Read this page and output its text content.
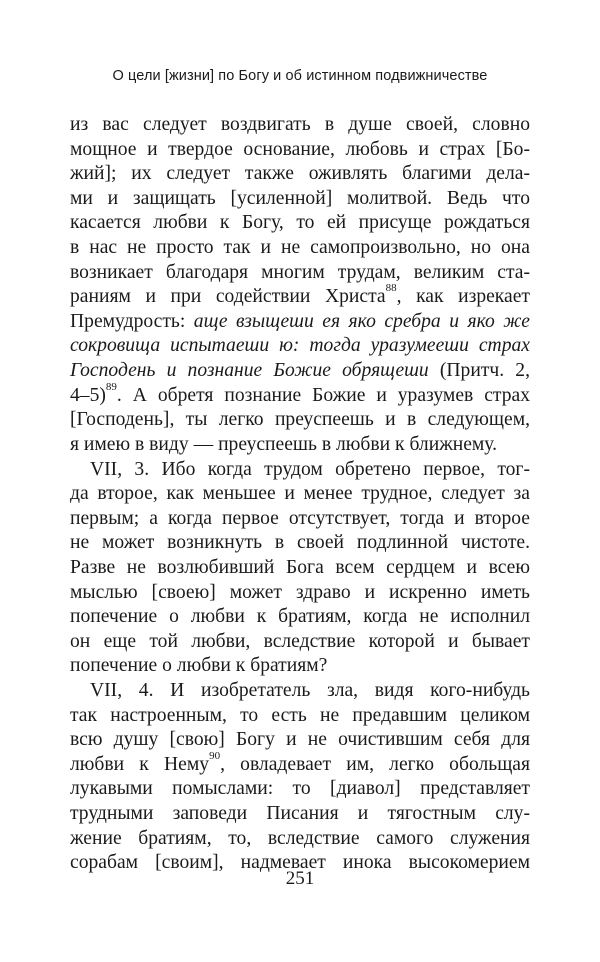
О цели [жизни] по Богу и об истинном подвижничестве
из вас следует воздвигать в душе своей, словно
мощное и твердое основание, любовь и страх [Бо-
жий]; их следует также оживлять благими дела-
ми и защищать [усиленной] молитвой. Ведь что
касается любви к Богу, то ей присуще рождаться
в нас не просто так и не самопроизвольно, но она
возникает благодаря многим трудам, великим ста-
раниям и при содействии Христа$^{88}$, как изрекает
Премудрость: аще взыщеши ея яко сребра и яко же
сокровища испытаеши ю: тогда уразумееши страх
Господень и познание Божие обрящеши (Притч. 2,
4–5)$^{89}$. А обретя познание Божие и уразумев страх
[Господень], ты легко преуспеешь и в следующем,
я имею в виду — преуспеешь в любви к ближнему.
VII, 3. Ибо когда трудом обретено первое, тог-
да второе, как меньшее и менее трудное, следует за
первым; а когда первое отсутствует, тогда и второе
не может возникнуть в своей подлинной чистоте.
Разве не возлюбивший Бога всем сердцем и всею
мыслью [своею] может здраво и искренно иметь
попечение о любви к братиям, когда не исполнил
он еще той любви, вследствие которой и бывает
попечение о любви к братиям?
VII, 4. И изобретатель зла, видя кого-нибудь
так настроенным, то есть не предавшим целиком
всю душу [свою] Богу и не очистившим себя для
любви к Нему$^{90}$, овладевает им, легко обольщая
лукавыми помыслами: то [диавол] представляет
трудными заповеди Писания и тягостным слу-
жение братиям, то, вследствие самого служения
сорабам [своим], надмевает инока высокомерием
251
